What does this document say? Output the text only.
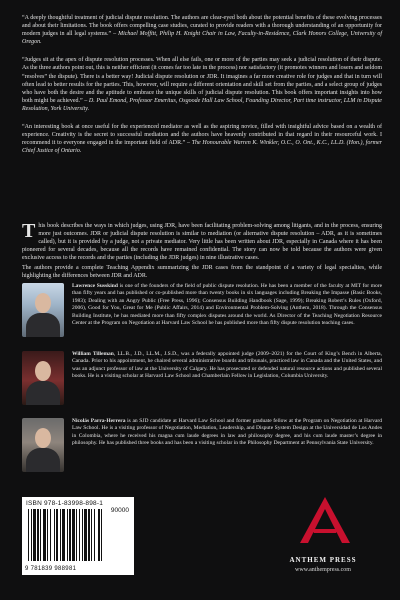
“A deeply thoughtful treatment of judicial dispute resolution. The authors are clear-eyed both about the potential benefits of these evolving processes and about their limitations. The book offers compelling case studies, curated to provide readers with a thorough understanding of an opportunity for modern judges in all legal systems.” – Michael Moffitt, Philip H. Knight Chair in Law, Faculty-in-Residence, Clark Honors College, University of Oregon.

“Judges sit at the apex of dispute resolution processes. When all else fails, one or more of the parties may seek a judicial resolution of their dispute. As the three authors point out, this is neither efficient (it comes far too late in the process) nor satisfactory (it promotes winners and losers and seldom “resolves” the dispute). There is a better way! Judicial dispute resolution or JDR. It imagines a far more creative role for judges and that in turn will often lead to better results for the parties. This, however, will require a different orientation and skill set from the parties, and a select group of judges who have both the desire and the aptitude to embrace the unique skills of judicial dispute resolution. This book offers important insights into how both might be achieved.” – D. Paul Emond, Professor Emeritus, Osgoode Hall Law School, Founding Director, Part time instructor, LLM in Dispute Resolution, York University.

“An interesting book at once useful for the experienced mediator as well as the aspiring novice, filled with insightful advice based on a wealth of experience. Creativity is the secret to successful mediation and the authors have heavenly contributed in that regard in their resourceful work. I recommend it to everyone engaged in the important field of ADR.” – The Honourable Warren K. Winkler, O.C., O. Ont., K.C., LL.D. (Hon.), former Chief Justice of Ontario.

This book describes the ways in which judges, using JDR, have been facilitating problem-solving among litigants, and in the process, ensuring more just outcomes. JDR or judicial dispute resolution is similar to mediation (or alternative dispute resolution – ADR, as it is sometimes called), but it is provided by a judge, not a private mediator. Very little has been written about JDR, especially in Canada where it has been pioneered for several decades, because all the records have remained confidential. The story can now be told because the authors were given exclusive access to the records and the parties (including the JDR judges) in nine illustrative cases.
The authors provide a complete Teaching Appendix summarizing the JDR cases from the standpoint of a variety of legal specialties, while highlighting the differences between JDR and ADR.
Lawrence Susskind is one of the founders of the field of public dispute resolution. He has been a member of the faculty at MIT for more than fifty years and has published or co-published more than twenty books in six languages including Breaking the Impasse (Basic Books, 1983); Dealing with an Angry Public (Free Press, 1996); Consensus Building Handbook (Sage, 1999); Breaking Robert’s Rules (Oxford, 2006), Good for You, Great for Me (Public Affairs, 2014) and Environmental Problem-Solving (Anthem, 2018). Through the Consensus Building Institute, he has mediated more than fifty complex disputes around the world. As Director of the Teaching Negotiation Resource Center at the Program on Negotiation at Harvard Law School he has published more than fifty dispute resolution teaching cases.
William Tilleman, LL.B., J.D., LL.M., J.S.D., was a federally appointed judge (2009–2021) for the Court of King’s Bench in Alberta, Canada. Prior to his appointment, he chaired several administrative boards and tribunals, practiced law in Canada and the United States, and was an adjunct professor of law at the University of Calgary. He has prosecuted or defended natural resource actions and published several books. He is a visiting scholar at Harvard Law School and Chamberlain Fellow in Legislation, Columbia University.
Nicolás Parra-Herrera is an SJD candidate at Harvard Law School and former graduate fellow at the Program on Negotiation at Harvard Law School. He is a visiting professor of Negotiation, Mediation, Leadership, and Dispute System Design at the Universidad de Los Andes in Colombia, where he received his magna cum laude degrees in law and philosophy degree, and his cum laude master’s degree in philosophy. He has published three books and has been a visiting scholar in the Philosophy Department at Pennsylvania State University.
ISBN 978-1-83998-898-1
90000
9 781839 988981
ANTHEM PRESS
www.anthempress.com
